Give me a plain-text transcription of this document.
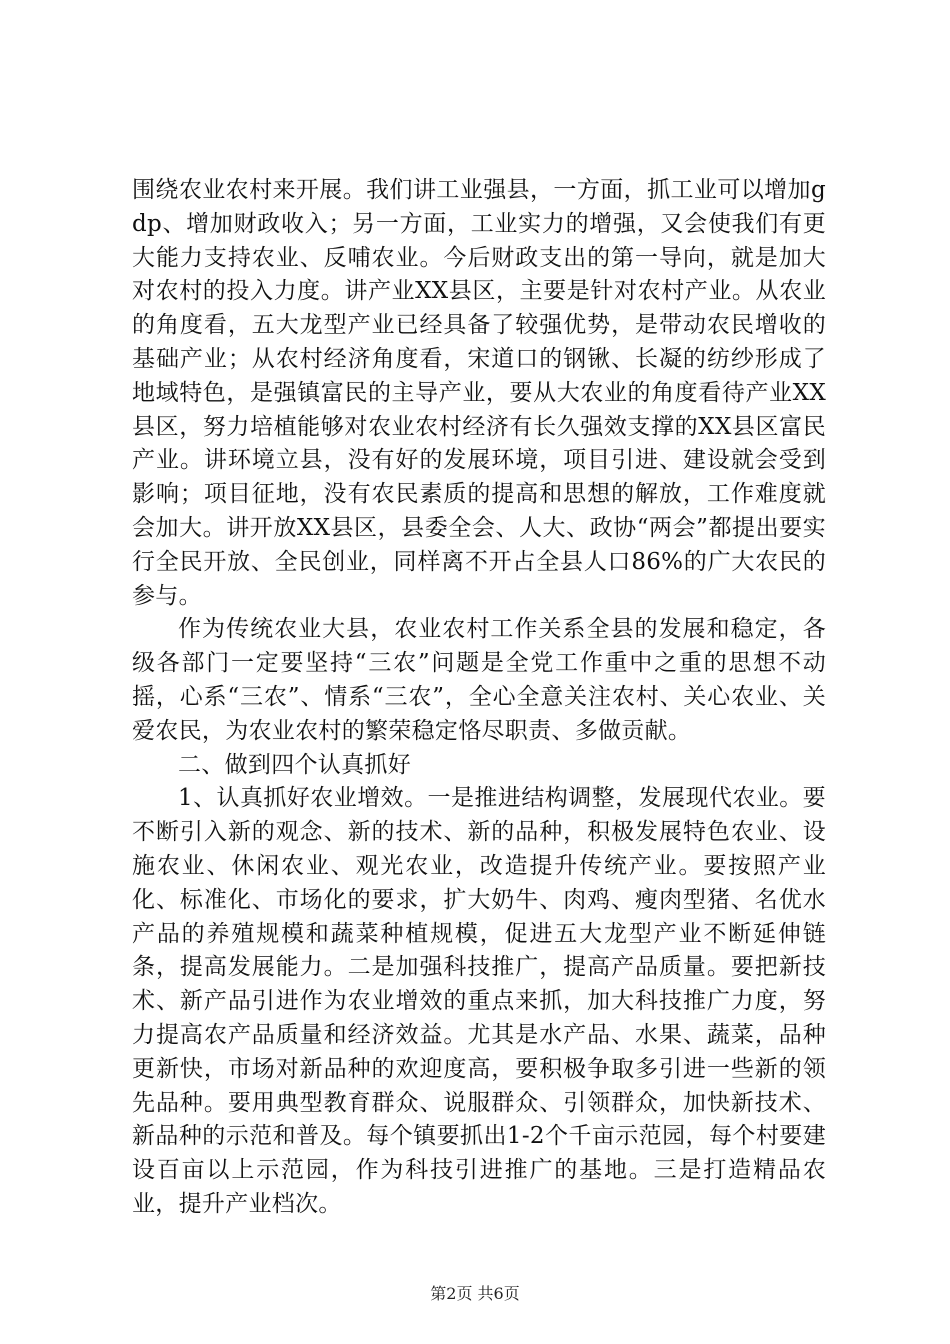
围绕农业农村来开展。我们讲工业强县，一方面，抓工业可以增加gdp、增加财政收入；另一方面，工业实力的增强，又会使我们有更大能力支持农业、反哺农业。今后财政支出的第一导向，就是加大对农村的投入力度。讲产业XX县区，主要是针对农村产业。从农业的角度看，五大龙型产业已经具备了较强优势，是带动农民增收的基础产业；从农村经济角度看，宋道口的钢锹、长凝的纺纱形成了地域特色，是强镇富民的主导产业，要从大农业的角度看待产业XX县区，努力培植能够对农业农村经济有长久强效支撑的XX县区富民产业。讲环境立县，没有好的发展环境，项目引进、建设就会受到影响；项目征地，没有农民素质的提高和思想的解放，工作难度就会加大。讲开放XX县区，县委全会、人大、政协“两会”都提出要实行全民开放、全民创业，同样离不开占全县人口86%的广大农民的参与。

作为传统农业大县，农业农村工作关系全县的发展和稳定，各级各部门一定要坚持“三农”问题是全党工作重中之重的思想不动摇，心系“三农”、情系“三农”，全心全意关注农村、关心农业、关爱农民，为农业农村的繁荣稳定恪尽职责、多做贡献。

二、做到四个认真抓好

1、认真抓好农业增效。一是推进结构调整，发展现代农业。要不断引入新的观念、新的技术、新的品种，积极发展特色农业、设施农业、休闲农业、观光农业，改造提升传统产业。要按照产业化、标准化、市场化的要求，扩大奶牛、肉鸡、瘦肉型猪、名优水产品的养殖规模和蔬菜种植规模，促进五大龙型产业不断延伸链条，提高发展能力。二是加强科技推广，提高产品质量。要把新技术、新产品引进作为农业增效的重点来抓，加大科技推广力度，努力提高农产品质量和经济效益。尤其是水产品、水果、蔬菜，品种更新快，市场对新品种的欢迎度高，要积极争取多引进一些新的领先品种。要用典型教育群众、说服群众、引领群众，加快新技术、新品种的示范和普及。每个镇要抓出1-2个千亩示范园，每个村要建设百亩以上示范园，作为科技引进推广的基地。三是打造精品农业，提升产业档次。

第2页 共6页
